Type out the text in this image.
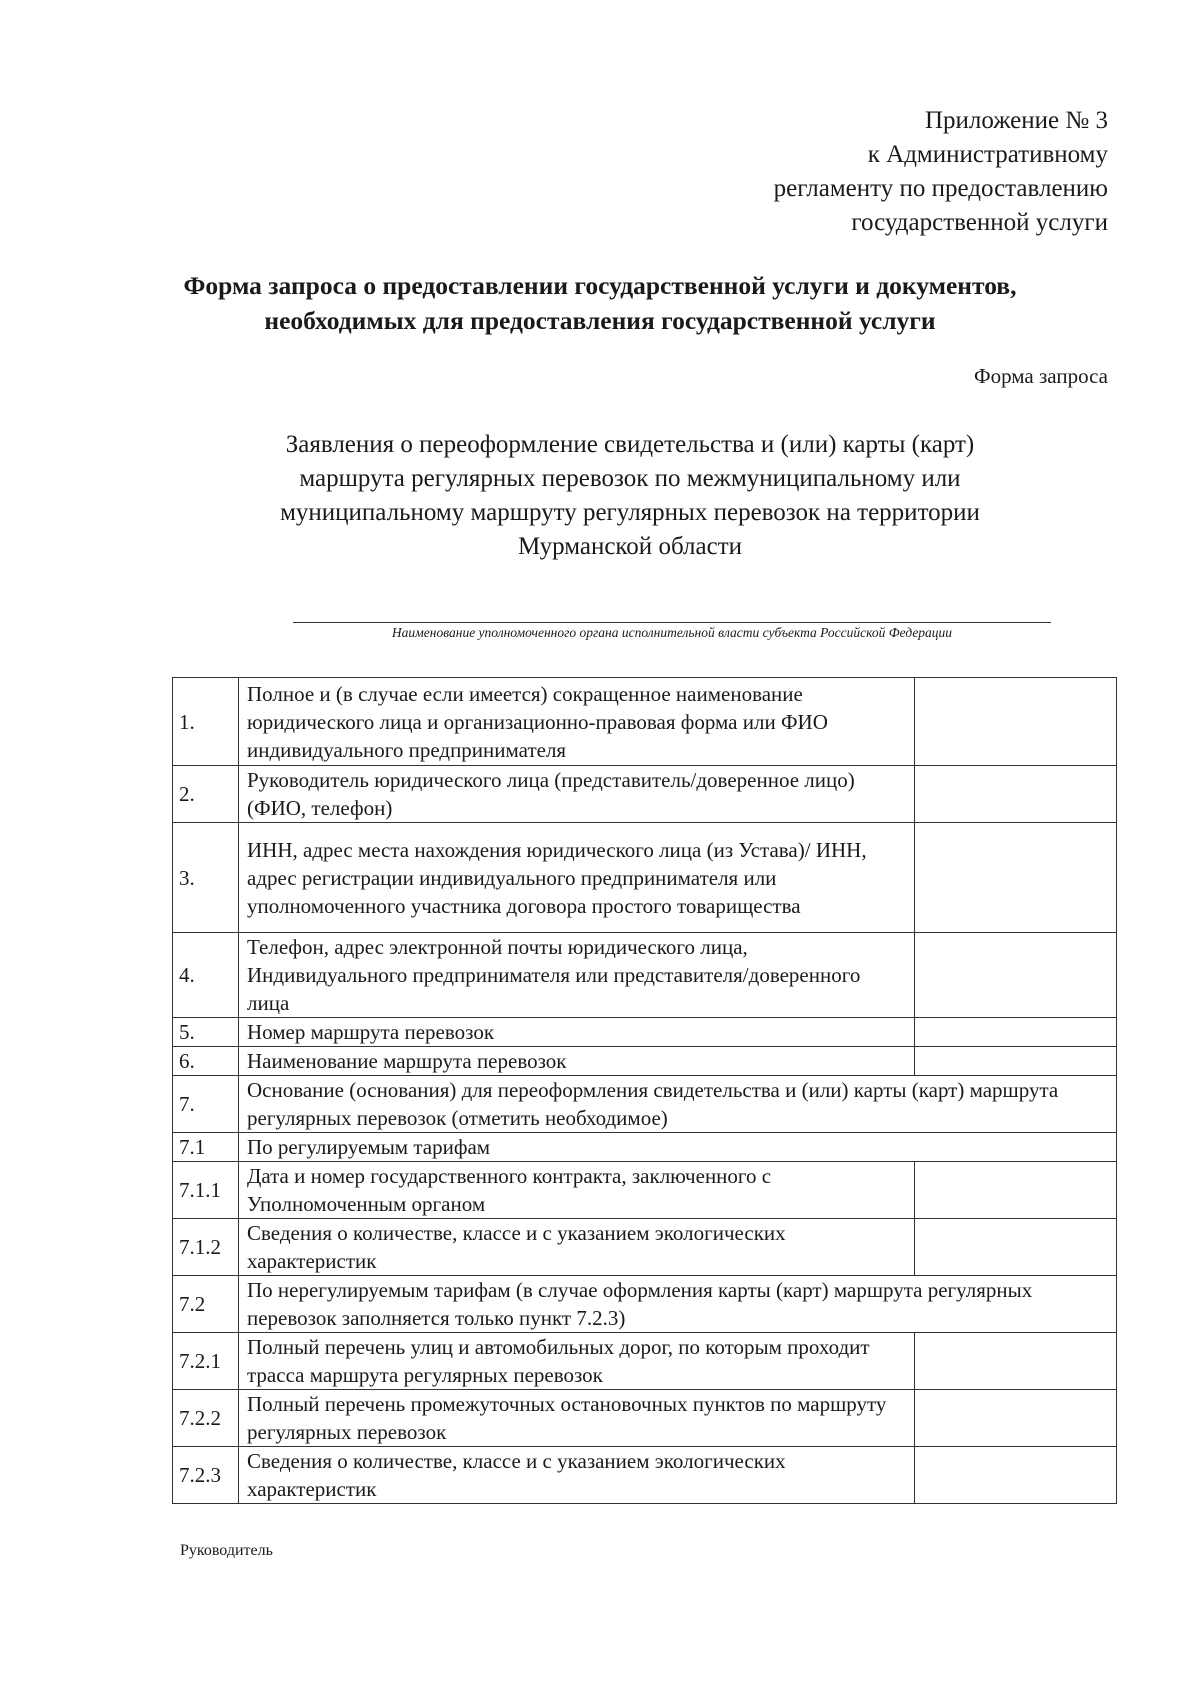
Приложение № 3
к Административному
регламенту по предоставлению
государственной услуги
Форма запроса о предоставлении государственной услуги и документов,
необходимых для предоставления государственной услуги
Форма запроса
Заявления о переоформление свидетельства и (или) карты (карт)
маршрута регулярных перевозок по межмуниципальному или
муниципальному маршруту регулярных перевозок на территории
Мурманской области
Наименование уполномоченного органа исполнительной власти субъекта Российской Федерации
1.	Полное и (в случае если имеется) сокращенное наименование юридического лица и организационно-правовая форма или ФИО индивидуального предпринимателя	
2.	Руководитель юридического лица (представитель/доверенное лицо) (ФИО, телефон)	
3.	ИНН, адрес места нахождения юридического лица (из Устава)/ ИНН, адрес регистрации индивидуального предпринимателя или уполномоченного участника договора простого товарищества	
4.	Телефон, адрес электронной почты юридического лица, Индивидуального предпринимателя или представителя/доверенного лица	
5.	Номер маршрута перевозок	
6.	Наименование маршрута перевозок	
7.	Основание (основания) для переоформления свидетельства и (или) карты (карт) маршрута регулярных перевозок (отметить необходимое)	
7.1	По регулируемым тарифам	
7.1.1	Дата и номер государственного контракта, заключенного с Уполномоченным органом	
7.1.2	Сведения о количестве, классе и с указанием экологических характеристик	
7.2	По нерегулируемым тарифам (в случае оформления карты (карт) маршрута регулярных перевозок заполняется только пункт 7.2.3)	
7.2.1	Полный перечень улиц и автомобильных дорог, по которым проходит трасса маршрута регулярных перевозок	
7.2.2	Полный перечень промежуточных остановочных пунктов по маршруту регулярных перевозок	
7.2.3	Сведения о количестве, классе и с указанием экологических характеристик	
Руководитель
